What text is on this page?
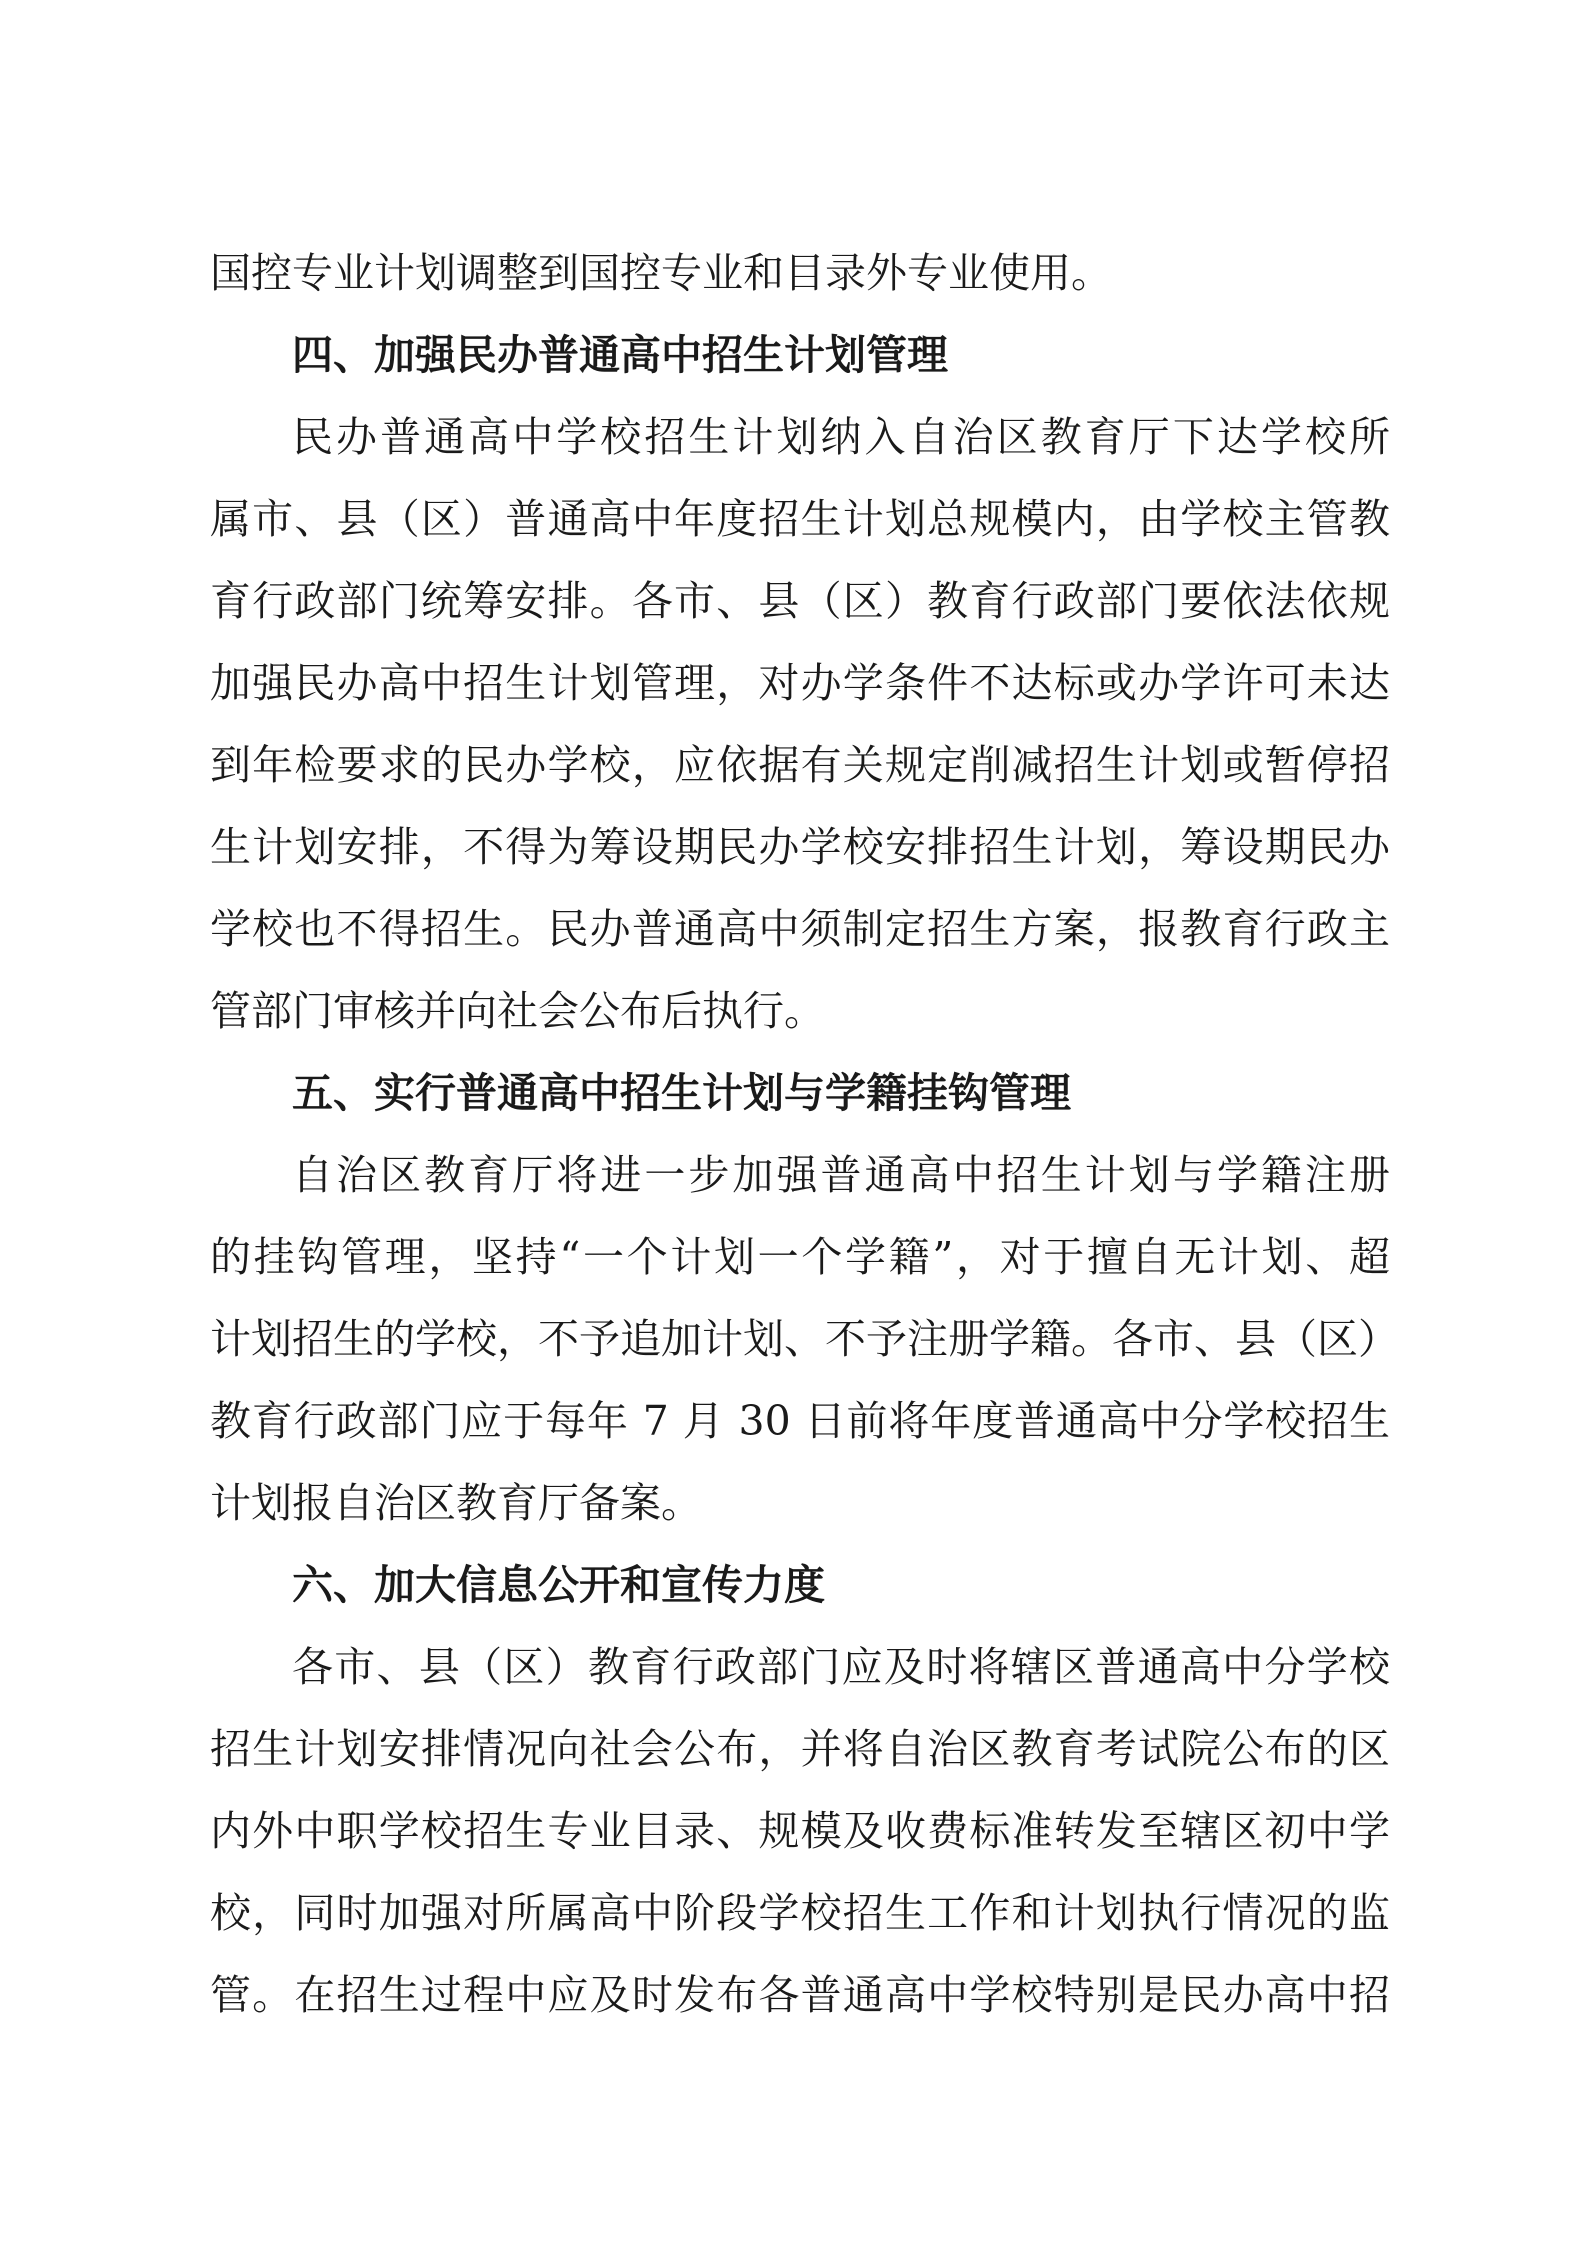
国控专业计划调整到国控专业和目录外专业使用。
四、加强民办普通高中招生计划管理
民办普通高中学校招生计划纳入自治区教育厅下达学校所
属市、县（区）普通高中年度招生计划总规模内，由学校主管教
育行政部门统筹安排。各市、县（区）教育行政部门要依法依规
加强民办高中招生计划管理，对办学条件不达标或办学许可未达
到年检要求的民办学校，应依据有关规定削减招生计划或暂停招
生计划安排，不得为筹设期民办学校安排招生计划，筹设期民办
学校也不得招生。民办普通高中须制定招生方案，报教育行政主
管部门审核并向社会公布后执行。
五、实行普通高中招生计划与学籍挂钩管理
自治区教育厅将进一步加强普通高中招生计划与学籍注册
的挂钩管理，坚持“一个计划一个学籍”，对于擅自无计划、超
计划招生的学校，不予追加计划、不予注册学籍。各市、县（区）
教育行政部门应于每年 7 月 30 日前将年度普通高中分学校招生
计划报自治区教育厅备案。
六、加大信息公开和宣传力度
各市、县（区）教育行政部门应及时将辖区普通高中分学校
招生计划安排情况向社会公布，并将自治区教育考试院公布的区
内外中职学校招生专业目录、规模及收费标准转发至辖区初中学
校，同时加强对所属高中阶段学校招生工作和计划执行情况的监
管。在招生过程中应及时发布各普通高中学校特别是民办高中招
